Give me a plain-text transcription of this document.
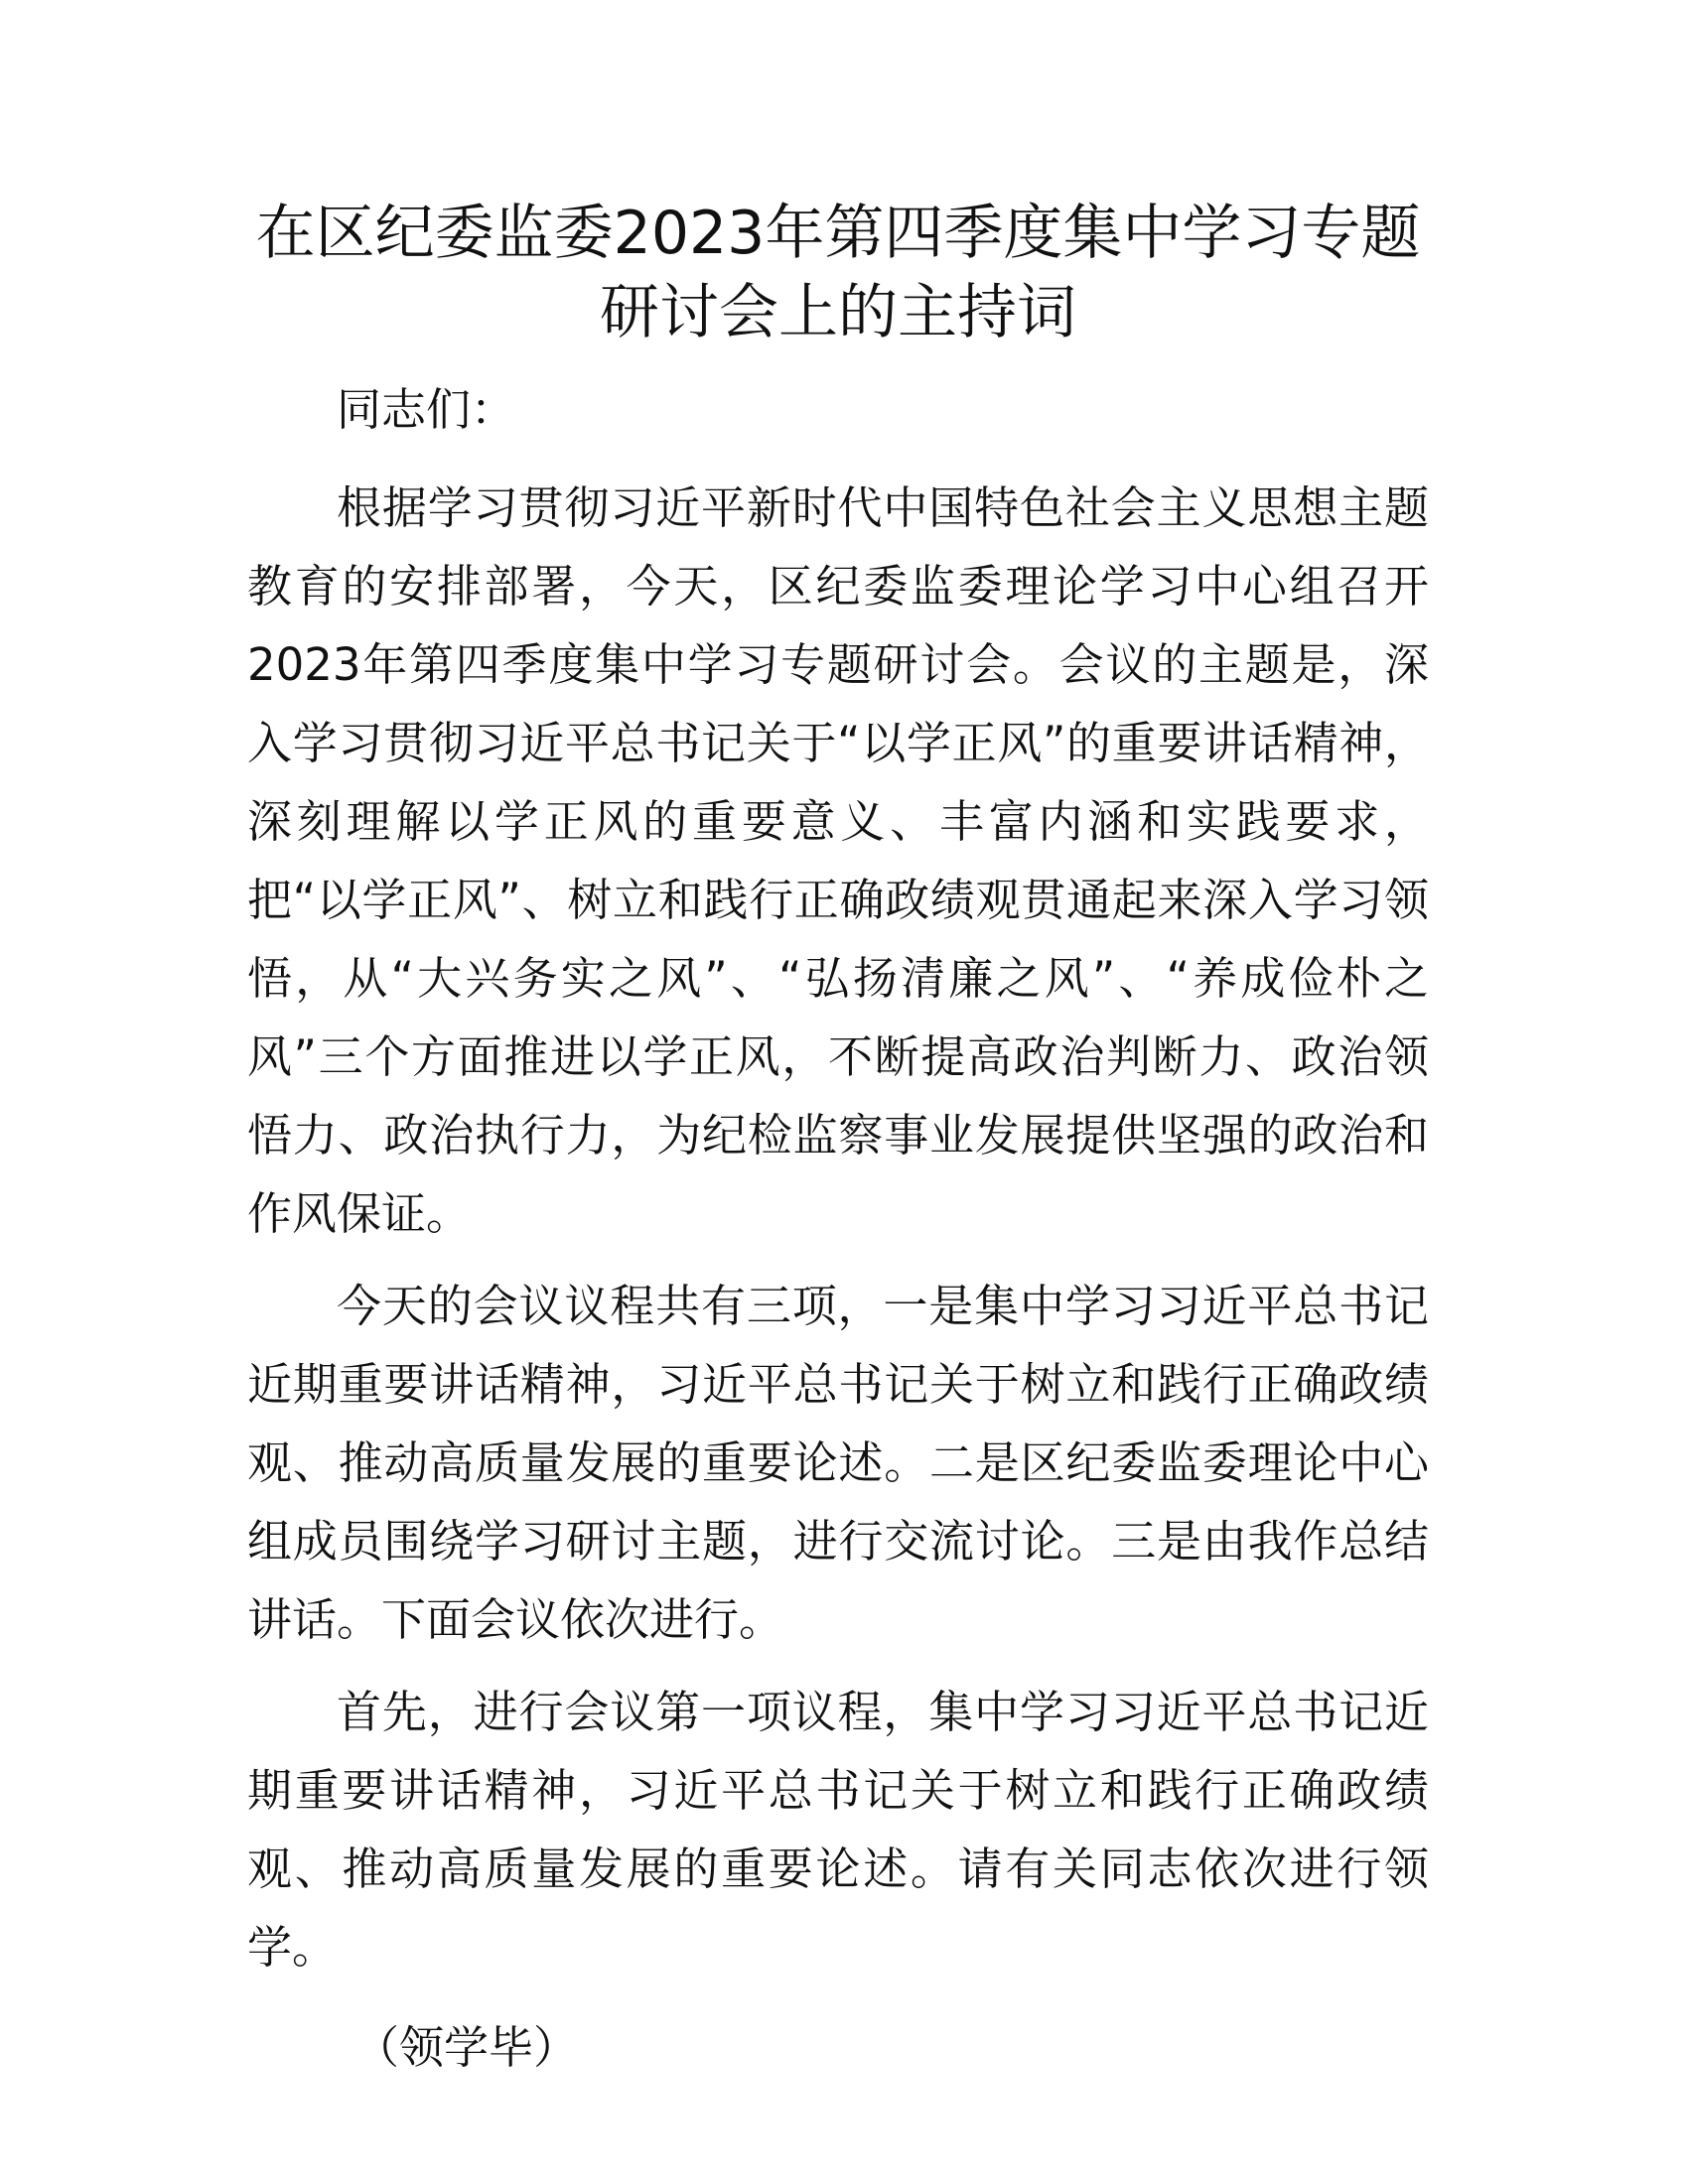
在区纪委监委2023年第四季度集中学习专题研讨会上的主持词

同志们：

根据学习贯彻习近平新时代中国特色社会主义思想主题教育的安排部署，今天，区纪委监委理论学习中心组召开2023年第四季度集中学习专题研讨会。会议的主题是，深入学习贯彻习近平总书记关于“以学正风”的重要讲话精神，深刻理解以学正风的重要意义、丰富内涵和实践要求，把“以学正风”、树立和践行正确政绩观贯通起来深入学习领悟，从“大兴务实之风”、“弘扬清廉之风”、“养成俭朴之风”三个方面推进以学正风，不断提高政治判断力、政治领悟力、政治执行力，为纪检监察事业发展提供坚强的政治和作风保证。

今天的会议议程共有三项，一是集中学习习近平总书记近期重要讲话精神，习近平总书记关于树立和践行正确政绩观、推动高质量发展的重要论述。二是区纪委监委理论中心组成员围绕学习研讨主题，进行交流讨论。三是由我作总结讲话。下面会议依次进行。

首先，进行会议第一项议程，集中学习习近平总书记近期重要讲话精神，习近平总书记关于树立和践行正确政绩观、推动高质量发展的重要论述。请有关同志依次进行领学。

（领学毕）
